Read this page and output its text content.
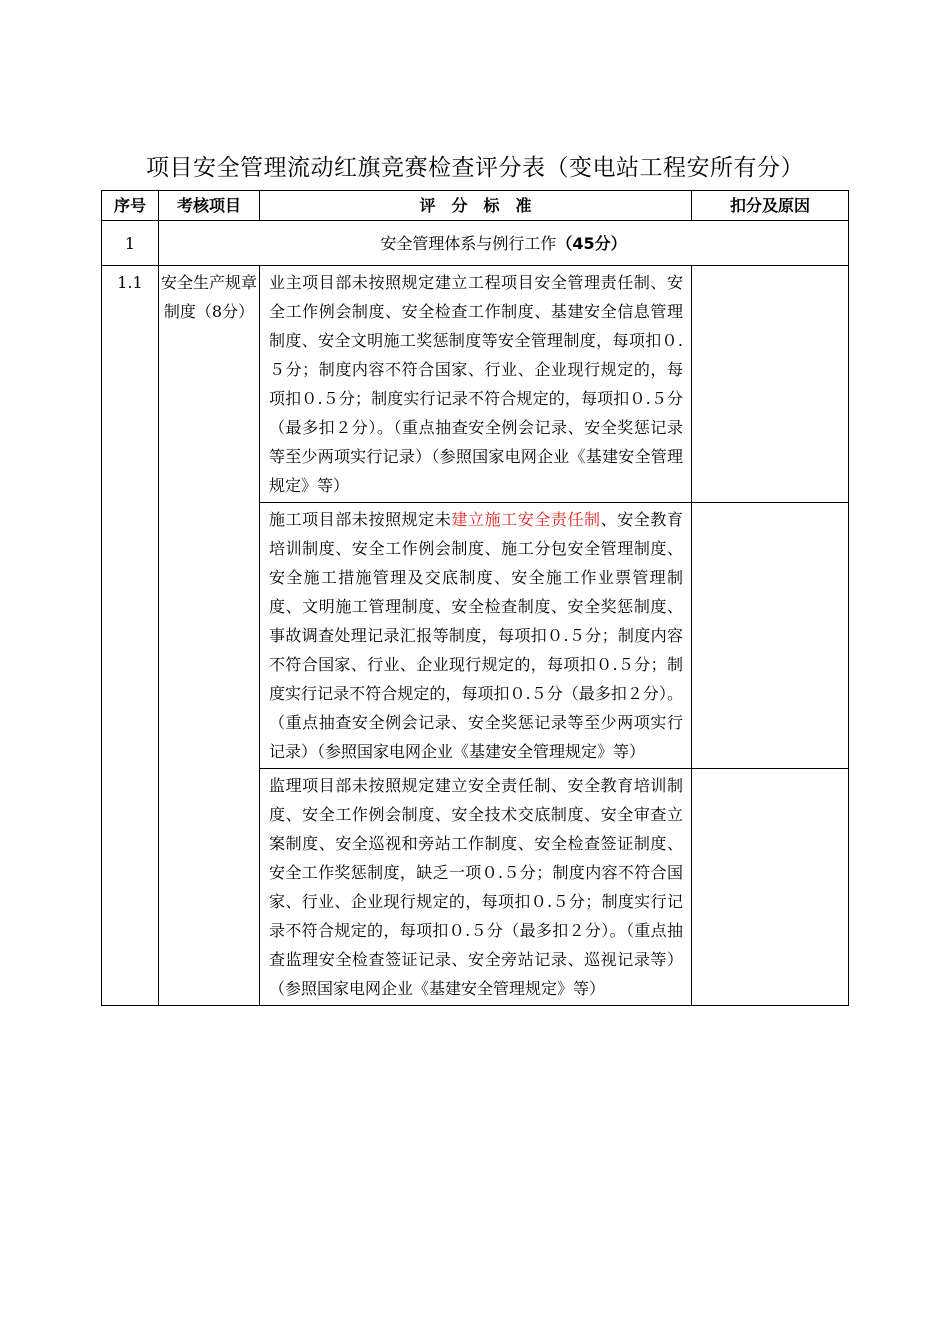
项目安全管理流动红旗竞赛检查评分表（变电站工程安所有分）
序号	考核项目	评　分　标　准	扣分及原因
1	安全管理体系与例行工作（45分）		
1.1	安全生产规章制度（8分）	业主项目部未按照规定建立工程项目安全管理责任制、安全工作例会制度、安全检查工作制度、基建安全信息管理制度、安全文明施工奖惩制度等安全管理制度，每项扣０.５分；制度内容不符合国家、行业、企业现行规定的，每项扣０.５分；制度实行记录不符合规定的，每项扣０.５分（最多扣２分）。（重点抽查安全例会记录、安全奖惩记录等至少两项实行记录）（参照国家电网企业《基建安全管理规定》等）	
		施工项目部未按照规定未建立施工安全责任制、安全教育培训制度、安全工作例会制度、施工分包安全管理制度、安全施工措施管理及交底制度、安全施工作业票管理制度、文明施工管理制度、安全检查制度、安全奖惩制度、事故调查处理记录汇报等制度，每项扣０.５分；制度内容不符合国家、行业、企业现行规定的，每项扣０.５分；制度实行记录不符合规定的，每项扣０.５分（最多扣２分）。（重点抽查安全例会记录、安全奖惩记录等至少两项实行记录）（参照国家电网企业《基建安全管理规定》等）	
		监理项目部未按照规定建立安全责任制、安全教育培训制度、安全工作例会制度、安全技术交底制度、安全审查立案制度、安全巡视和旁站工作制度、安全检查签证制度、安全工作奖惩制度，缺乏一项０.５分；制度内容不符合国家、行业、企业现行规定的，每项扣０.５分；制度实行记录不符合规定的，每项扣０.５分（最多扣２分）。（重点抽查监理安全检查签证记录、安全旁站记录、巡视记录等）（参照国家电网企业《基建安全管理规定》等）	
